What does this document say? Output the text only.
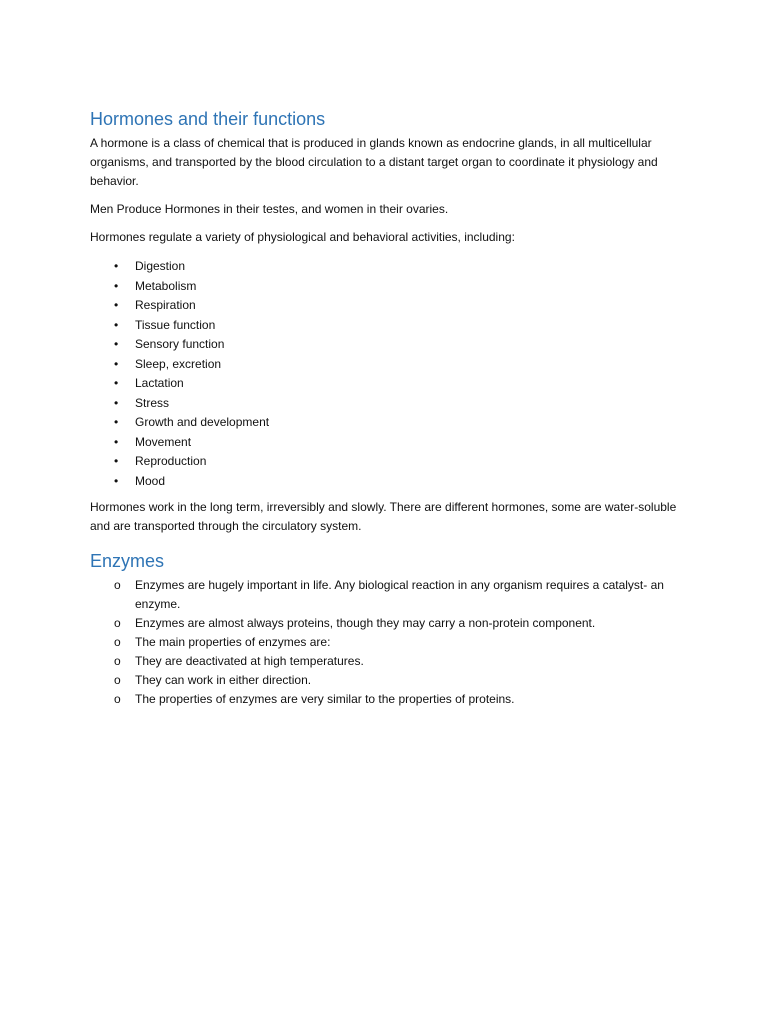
Hormones and their functions

A hormone is a class of chemical that is produced in glands known as endocrine glands, in all multicellular organisms, and transported by the blood circulation to a distant target organ to coordinate it physiology and behavior.

Men Produce Hormones in their testes, and women in their ovaries.

Hormones regulate a variety of physiological and behavioral activities, including:

• Digestion
• Metabolism
• Respiration
• Tissue function
• Sensory function
• Sleep, excretion
• Lactation
• Stress
• Growth and development
• Movement
• Reproduction
• Mood

Hormones work in the long term, irreversibly and slowly. There are different hormones, some are water-soluble and are transported through the circulatory system.

Enzymes
o Enzymes are hugely important in life. Any biological reaction in any organism requires a catalyst- an enzyme.
o Enzymes are almost always proteins, though they may carry a non-protein component.
o The main properties of enzymes are:
o They are deactivated at high temperatures.
o They can work in either direction.
o The properties of enzymes are very similar to the properties of proteins.
